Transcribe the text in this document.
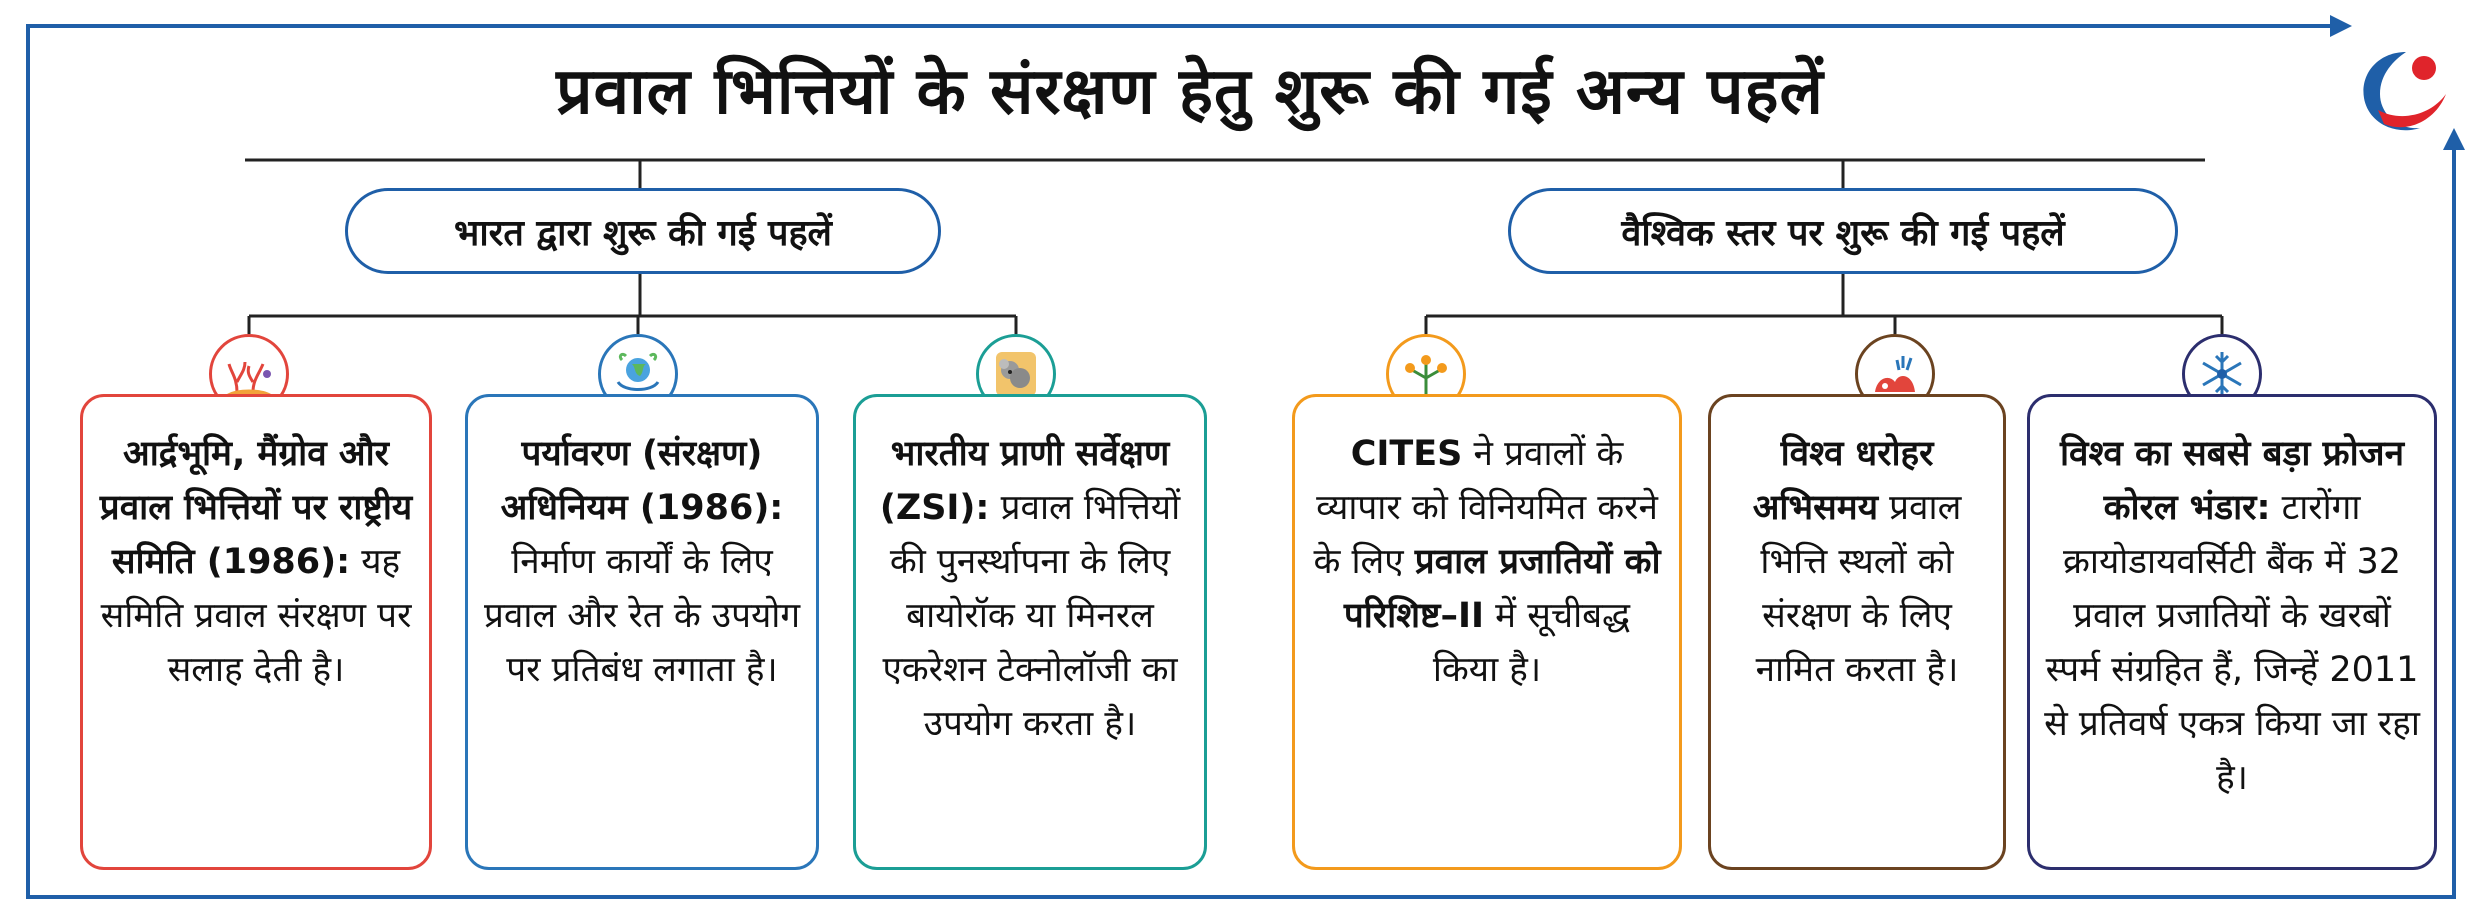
प्रवाल भित्तियों के संरक्षण हेतु शुरू की गई अन्य पहलें
भारत द्वारा शुरू की गई पहलें	वैश्विक स्तर पर शुरू की गई पहलें
आर्द्रभूमि, मैंग्रोव और प्रवाल भित्तियों पर राष्ट्रीय समिति (1986): यह समिति प्रवाल संरक्षण पर सलाह देती है।
पर्यावरण (संरक्षण) अधिनियम (1986): निर्माण कार्यों के लिए प्रवाल और रेत के उपयोग पर प्रतिबंध लगाता है।
भारतीय प्राणी सर्वेक्षण (ZSI): प्रवाल भित्तियों की पुनर्स्थापना के लिए बायोरॉक या मिनरल एकरेशन टेक्नोलॉजी का उपयोग करता है।
CITES ने प्रवालों के व्यापार को विनियमित करने के लिए प्रवाल प्रजातियों को परिशिष्ट–II में सूचीबद्ध किया है।
विश्व धरोहर अभिसमय प्रवाल भित्ति स्थलों को संरक्षण के लिए नामित करता है।
विश्व का सबसे बड़ा फ्रोजन कोरल भंडार: टारोंगा क्रायोडायवर्सिटी बैंक में 32 प्रवाल प्रजातियों के खरबों स्पर्म संग्रहित हैं, जिन्हें 2011 से प्रतिवर्ष एकत्र किया जा रहा है।
